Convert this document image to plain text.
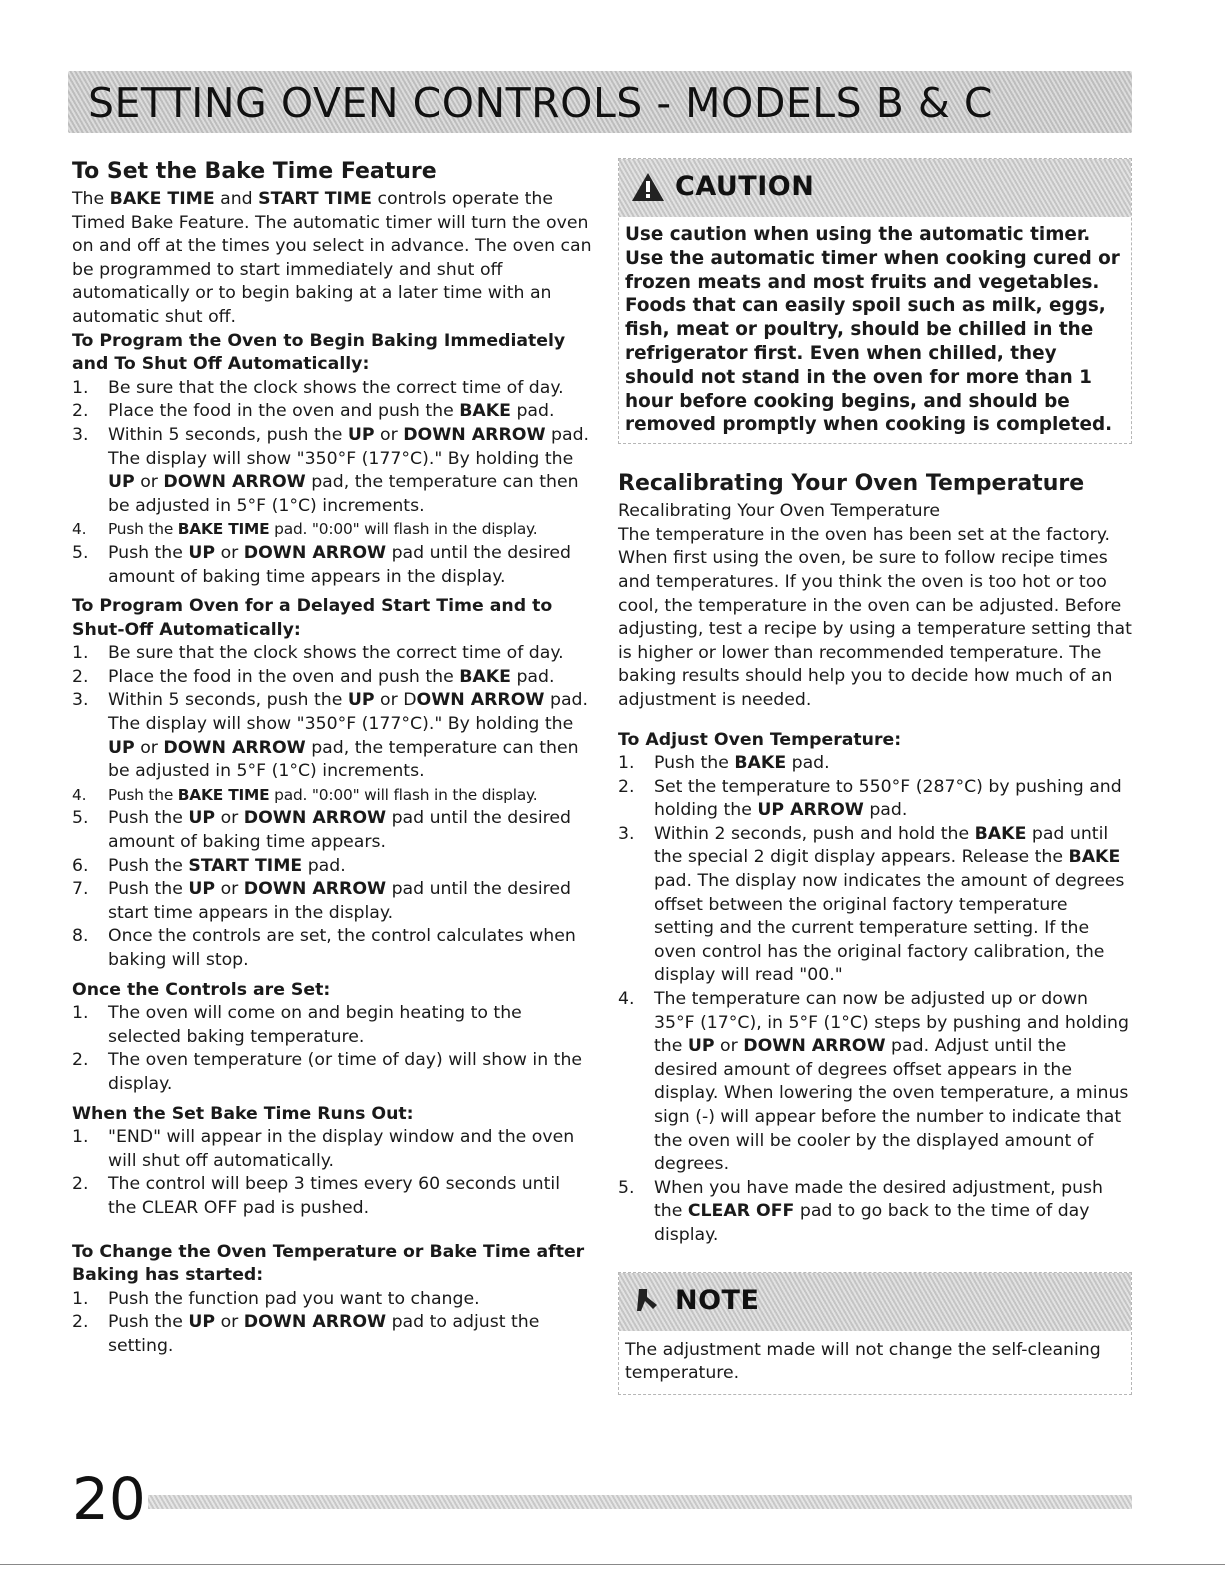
SETTING OVEN CONTROLS - MODELS B & C
To Set the Bake Time Feature

The BAKE TIME and START TIME controls operate the Timed Bake Feature. The automatic timer will turn the oven on and off at the times you select in advance. The oven can be programmed to start immediately and shut off automatically or to begin baking at a later time with an automatic shut off.

To Program the Oven to Begin Baking Immediately and To Shut Off Automatically:
1. Be sure that the clock shows the correct time of day.
2. Place the food in the oven and push the BAKE pad.
3. Within 5 seconds, push the UP or DOWN ARROW pad. The display will show "350°F (177°C)." By holding the UP or DOWN ARROW pad, the temperature can then be adjusted in 5°F (1°C) increments.
4. Push the BAKE TIME pad. "0:00" will flash in the display.
5. Push the UP or DOWN ARROW pad until the desired amount of baking time appears in the display.
To Program Oven for a Delayed Start Time and to Shut-Off Automatically:
1. Be sure that the clock shows the correct time of day.
2. Place the food in the oven and push the BAKE pad.
3. Within 5 seconds, push the UP or DOWN ARROW pad. The display will show "350°F (177°C)." By holding the UP or DOWN ARROW pad, the temperature can then be adjusted in 5°F (1°C) increments.
4. Push the BAKE TIME pad. "0:00" will flash in the display.
5. Push the UP or DOWN ARROW pad until the desired amount of baking time appears.
6. Push the START TIME pad.
7. Push the UP or DOWN ARROW pad until the desired start time appears in the display.
8. Once the controls are set, the control calculates when baking will stop.
Once the Controls are Set:
1. The oven will come on and begin heating to the selected baking temperature.
2. The oven temperature (or time of day) will show in the display.
When the Set Bake Time Runs Out:
1. "END" will appear in the display window and the oven will shut off automatically.
2. The control will beep 3 times every 60 seconds until the CLEAR OFF pad is pushed.
To Change the Oven Temperature or Bake Time after Baking has started:
1. Push the function pad you want to change.
2. Push the UP or DOWN ARROW pad to adjust the setting.
CAUTION
Use caution when using the automatic timer. Use the automatic timer when cooking cured or frozen meats and most fruits and vegetables. Foods that can easily spoil such as milk, eggs, fish, meat or poultry, should be chilled in the refrigerator first. Even when chilled, they should not stand in the oven for more than 1 hour before cooking begins, and should be removed promptly when cooking is completed.
Recalibrating Your Oven Temperature

Recalibrating Your Oven Temperature

The temperature in the oven has been set at the factory. When first using the oven, be sure to follow recipe times and temperatures. If you think the oven is too hot or too cool, the temperature in the oven can be adjusted. Before adjusting, test a recipe by using a temperature setting that is higher or lower than recommended temperature. The baking results should help you to decide how much of an adjustment is needed.

To Adjust Oven Temperature:
1. Push the BAKE pad.
2. Set the temperature to 550°F (287°C) by pushing and holding the UP ARROW pad.
3. Within 2 seconds, push and hold the BAKE pad until the special 2 digit display appears. Release the BAKE pad. The display now indicates the amount of degrees offset between the original factory temperature setting and the current temperature setting. If the oven control has the original factory calibration, the display will read "00."
4. The temperature can now be adjusted up or down 35°F (17°C), in 5°F (1°C) steps by pushing and holding the UP or DOWN ARROW pad. Adjust until the desired amount of degrees offset appears in the display. When lowering the oven temperature, a minus sign (-) will appear before the number to indicate that the oven will be cooler by the displayed amount of degrees.
5. When you have made the desired adjustment, push the CLEAR OFF pad to go back to the time of day display.
NOTE
The adjustment made will not change the self-cleaning temperature.
20
